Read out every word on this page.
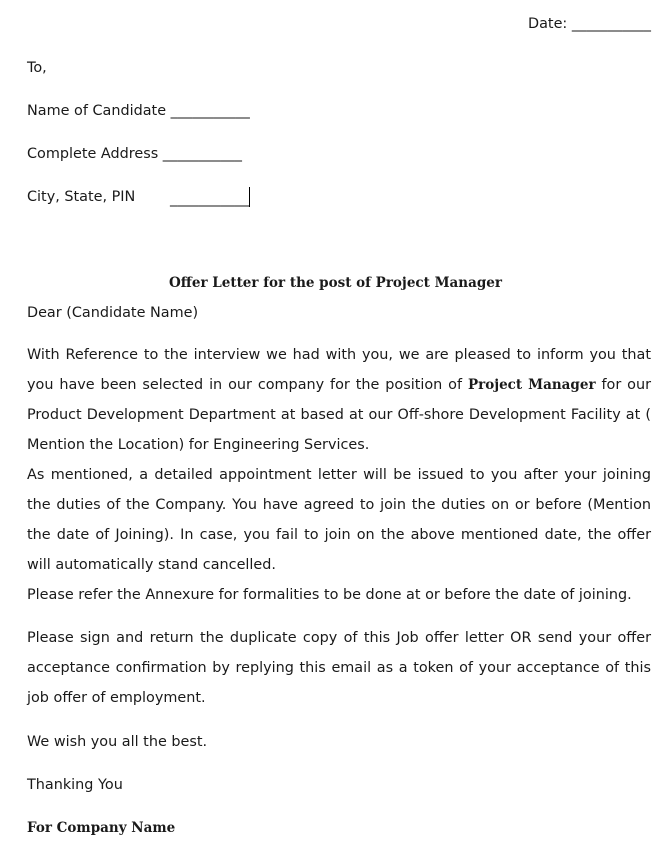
Date: ___________
To,
Name of Candidate ___________
Complete Address ___________
City, State, PIN ___________
Offer Letter for the post of Project Manager
Dear (Candidate Name)
With Reference to the interview we had with you, we are pleased to inform you that you have been selected in our company for the position of Project Manager for our Product Development Department at based at our Off-shore Development Facility at ( Mention the Location) for Engineering Services.
As mentioned, a detailed appointment letter will be issued to you after your joining the duties of the Company. You have agreed to join the duties on or before (Mention the date of Joining). In case, you fail to join on the above mentioned date, the offer will automatically stand cancelled.
Please refer the Annexure for formalities to be done at or before the date of joining.
Please sign and return the duplicate copy of this Job offer letter OR send your offer acceptance confirmation by replying this email as a token of your acceptance of this job offer of employment.
We wish you all the best.
Thanking You
For Company Name
